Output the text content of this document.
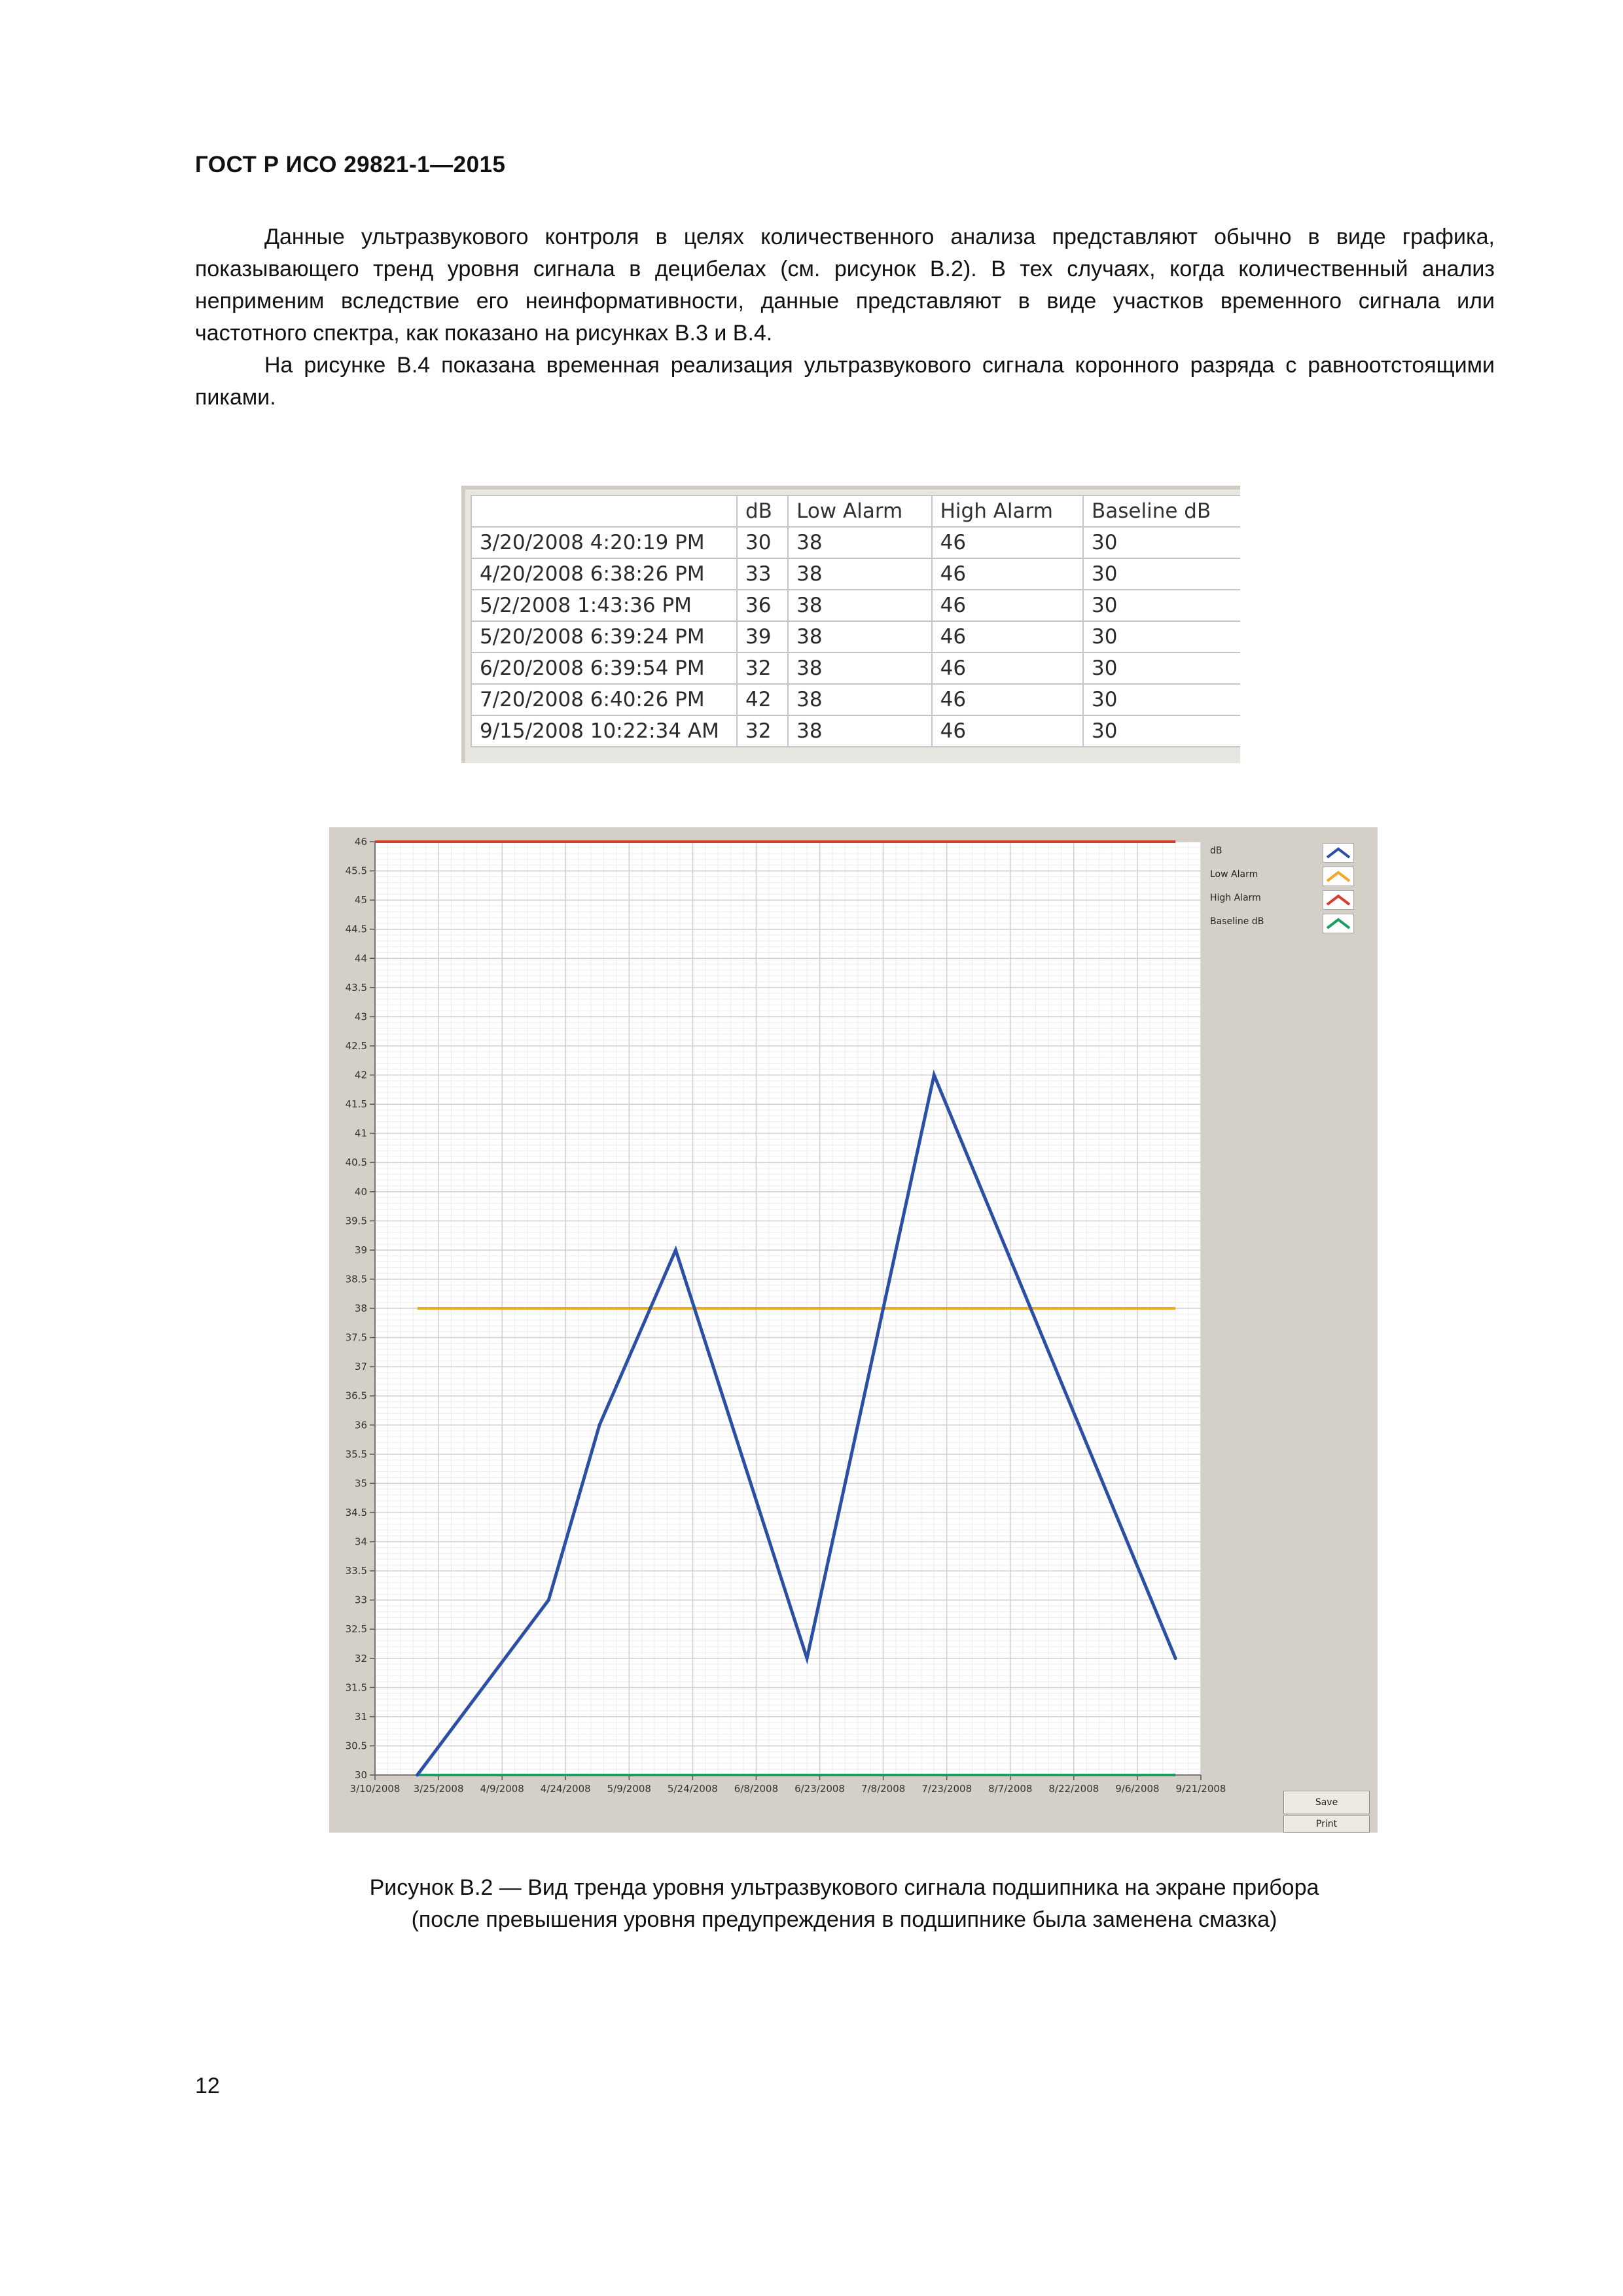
ГОСТ Р ИСО 29821-1—2015

Данные ультразвукового контроля в целях количественного анализа представляют обычно в виде графика, показывающего тренд уровня сигнала в децибелах (см. рисунок В.2). В тех случаях, когда количественный анализ неприменим вследствие его неинформативности, данные представляют в виде участков временного сигнала или частотного спектра, как показано на рисунках В.3 и В.4.

На рисунке В.4 показана временная реализация ультразвукового сигнала коронного разряда с равноотстоящими пиками.

	dB	Low Alarm	High Alarm	Baseline dB
3/20/2008 4:20:19 PM	30	38	46	30
4/20/2008 6:38:26 PM	33	38	46	30
5/2/2008 1:43:36 PM	36	38	46	30
5/20/2008 6:39:24 PM	39	38	46	30
6/20/2008 6:39:54 PM	32	38	46	30
7/20/2008 6:40:26 PM	42	38	46	30
9/15/2008 10:22:34 AM	32	38	46	30
3/10/2008 3/25/2008 4/9/2008 4/24/2008 5/9/2008 5/24/2008 6/8/2008 6/23/2008 7/8/2008 7/23/2008 8/7/2008 8/22/2008 9/6/2008 9/21/2008
46
45.5
45
44.5
44
43.5
43
42.5
42
41.5
41
40.5
40
39.5
39
38.5
38
37.5
37
36.5
36
35.5
35
34.5
34
33.5
33
32.5
32
31.5
31
30.5
30
dB
Low Alarm
High Alarm
Baseline dB
Save
Print
Рисунок В.2 — Вид тренда уровня ультразвукового сигнала подшипника на экране прибора
(после превышения уровня предупреждения в подшипнике была заменена смазка)
12
